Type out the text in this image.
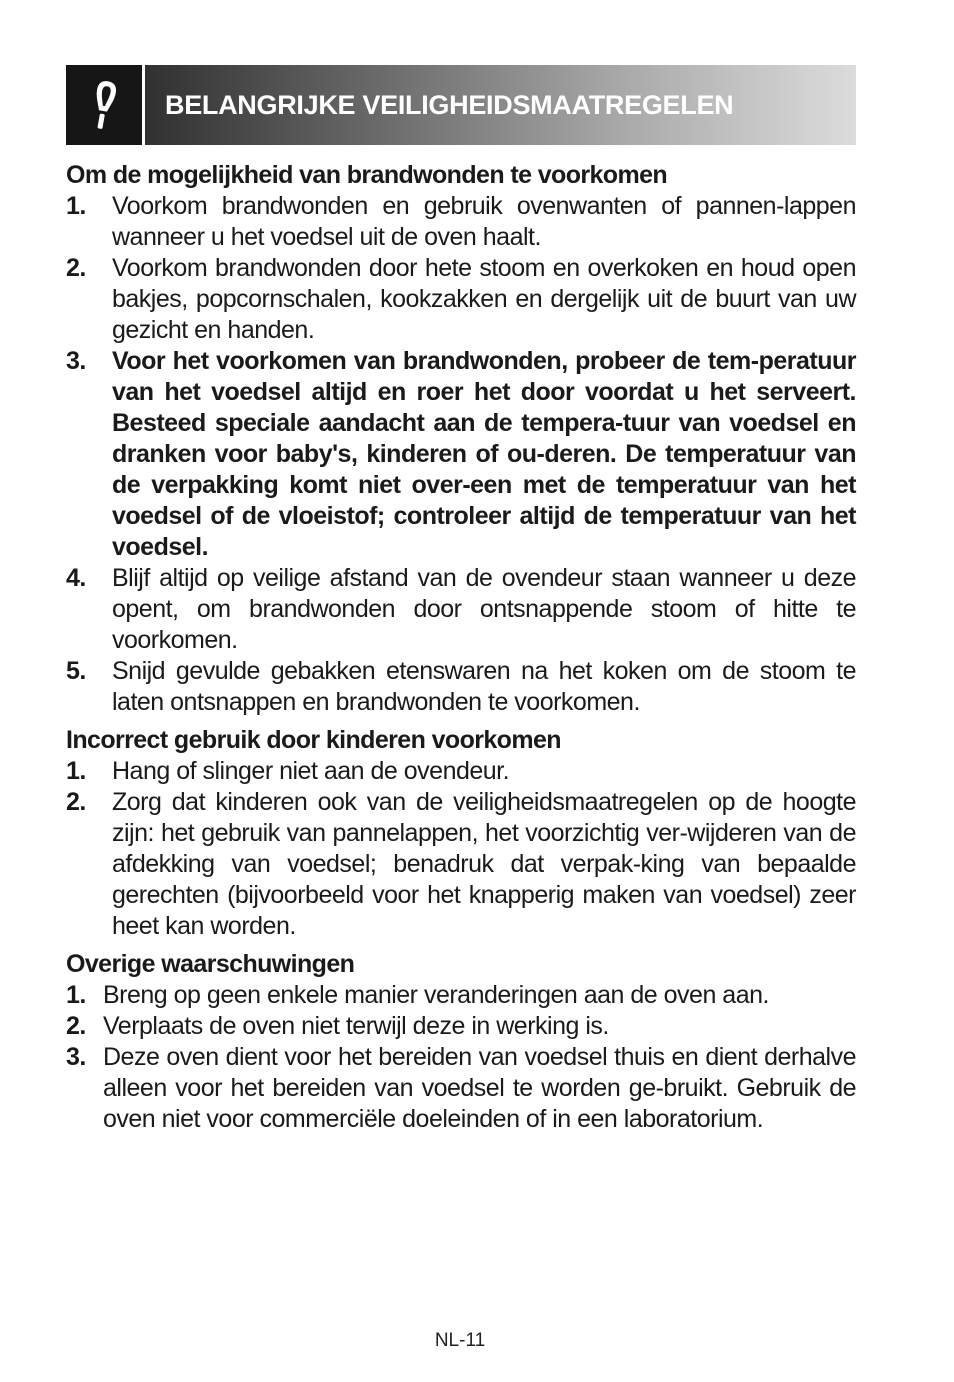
BELANGRIJKE VEILIGHEIDSMAATREGELEN
Om de mogelijkheid van brandwonden te voorkomen
1.	Voorkom brandwonden en gebruik ovenwanten of pannen-lappen wanneer u het voedsel uit de oven haalt.
2.	Voorkom brandwonden door hete stoom en overkoken en houd open bakjes, popcornschalen, kookzakken en dergelijk uit de buurt van uw gezicht en handen.
3.	Voor het voorkomen van brandwonden, probeer de tem-peratuur van het voedsel altijd en roer het door voordat u het serveert. Besteed speciale aandacht aan de tempera-tuur van voedsel en dranken voor baby's, kinderen of ou-deren. De temperatuur van de verpakking komt niet over-een met de temperatuur van het voedsel of de vloeistof; controleer altijd de temperatuur van het voedsel.
4.	Blijf altijd op veilige afstand van de ovendeur staan wanneer u deze opent, om brandwonden door ontsnappende stoom of hitte te voorkomen.
5.	Snijd gevulde gebakken etenswaren na het koken om de stoom te laten ontsnappen en brandwonden te voorkomen.
Incorrect gebruik door kinderen voorkomen
1.	Hang of slinger niet aan de ovendeur.
2.	Zorg dat kinderen ook van de veiligheidsmaatregelen op de hoogte zijn: het gebruik van pannelappen, het voorzichtig ver-wijderen van de afdekking van voedsel; benadruk dat verpak-king van bepaalde gerechten (bijvoorbeeld voor het knapperig maken van voedsel) zeer heet kan worden.
Overige waarschuwingen
1. Breng op geen enkele manier veranderingen aan de oven aan.
2. Verplaats de oven niet terwijl deze in werking is.
3. Deze oven dient voor het bereiden van voedsel thuis en dient derhalve alleen voor het bereiden van voedsel te worden ge-bruikt. Gebruik de oven niet voor commerciële doeleinden of in een laboratorium.
NL-11
